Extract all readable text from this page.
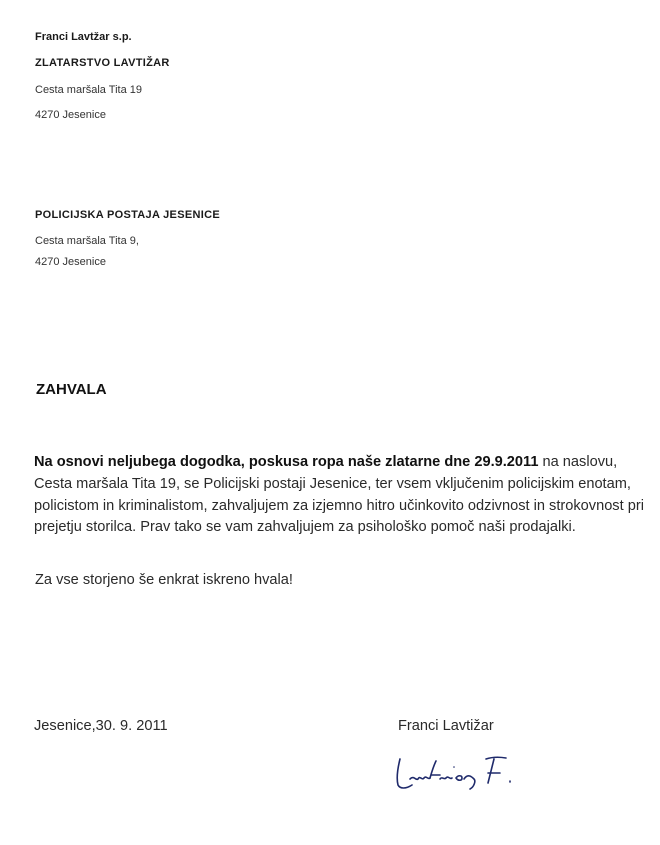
Franci Lavtžar s.p.
ZLATARSTVO LAVTIŽAR
Cesta maršala Tita 19
4270 Jesenice
POLICIJSKA POSTAJA JESENICE
Cesta maršala Tita 9,
4270 Jesenice
ZAHVALA
Na osnovi neljubega dogodka, poskusa ropa naše zlatarne dne 29.9.2011 na naslovu, Cesta maršala Tita 19, se Policijski postaji Jesenice, ter vsem vključenim policijskim enotam, policistom in kriminalistom, zahvaljujem za izjemno hitro učinkovito odzivnost in strokovnost pri prejetju storilca. Prav tako se vam zahvaljujem za psihološko pomoč naši prodajalki.
Za vse storjeno še enkrat iskreno hvala!
Jesenice,30. 9. 2011	Franci Lavtižar
